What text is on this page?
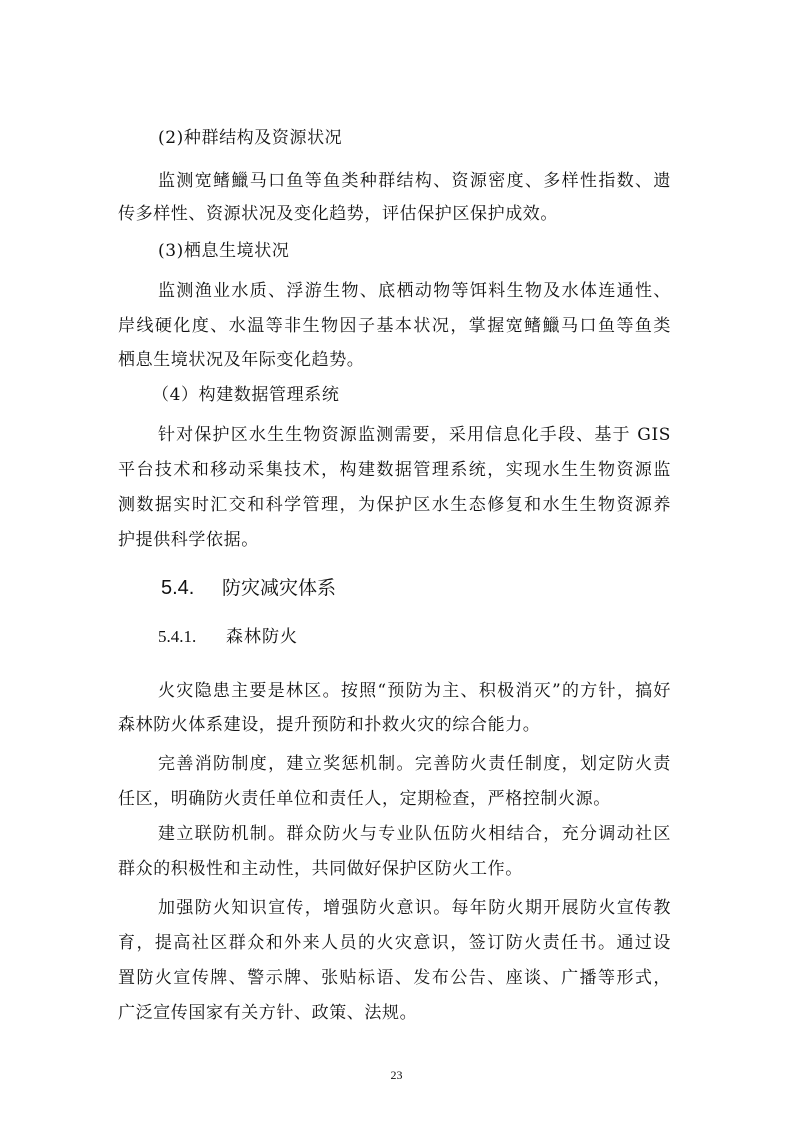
(2)种群结构及资源状况
监测宽鳍鱲马口鱼等鱼类种群结构、资源密度、多样性指数、遗
传多样性、资源状况及变化趋势，评估保护区保护成效。
(3)栖息生境状况
监测渔业水质、浮游生物、底栖动物等饵料生物及水体连通性、
岸线硬化度、水温等非生物因子基本状况，掌握宽鳍鱲马口鱼等鱼类
栖息生境状况及年际变化趋势。
（4）构建数据管理系统
针对保护区水生生物资源监测需要，采用信息化手段、基于 GIS
平台技术和移动采集技术，构建数据管理系统，实现水生生物资源监
测数据实时汇交和科学管理，为保护区水生态修复和水生生物资源养
护提供科学依据。
5.4. 防灾减灾体系
5.4.1. 森林防火
火灾隐患主要是林区。按照“预防为主、积极消灭”的方针，搞好
森林防火体系建设，提升预防和扑救火灾的综合能力。
完善消防制度，建立奖惩机制。完善防火责任制度，划定防火责
任区，明确防火责任单位和责任人，定期检查，严格控制火源。
建立联防机制。群众防火与专业队伍防火相结合，充分调动社区
群众的积极性和主动性，共同做好保护区防火工作。
加强防火知识宣传，增强防火意识。每年防火期开展防火宣传教
育，提高社区群众和外来人员的火灾意识，签订防火责任书。通过设
置防火宣传牌、警示牌、张贴标语、发布公告、座谈、广播等形式，
广泛宣传国家有关方针、政策、法规。
23
